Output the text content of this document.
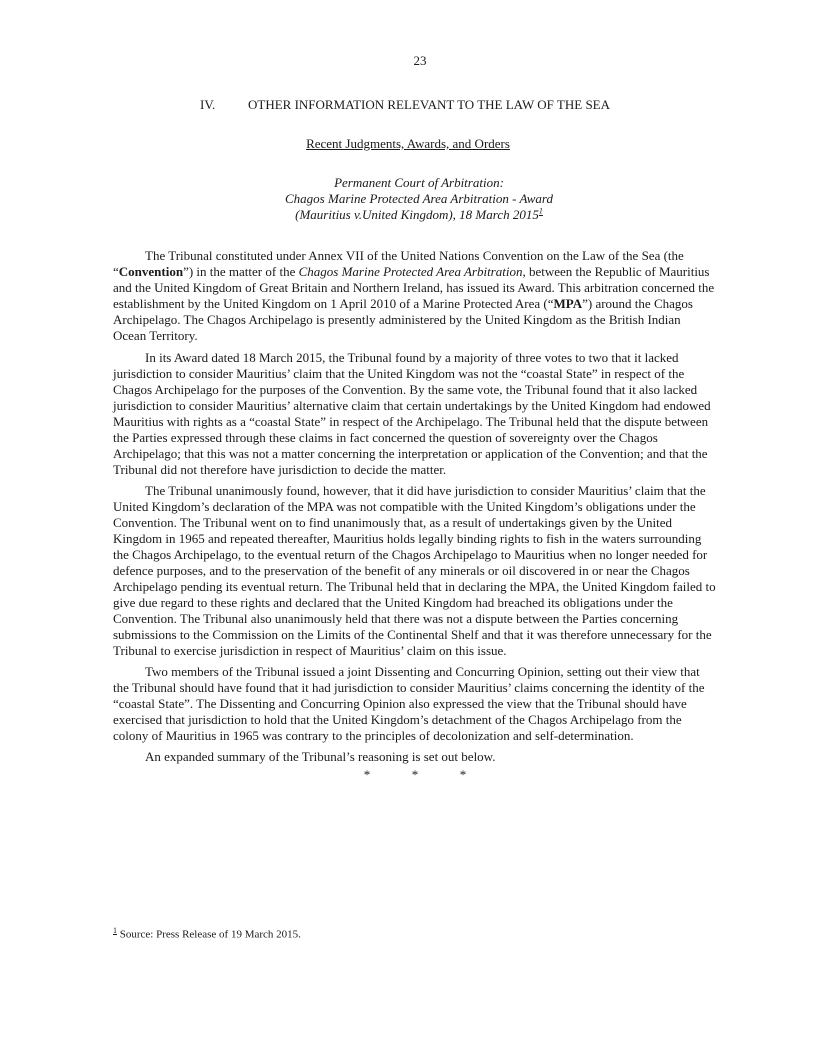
23
IV.	OTHER INFORMATION RELEVANT TO THE LAW OF THE SEA
Recent Judgments, Awards, and Orders
Permanent Court of Arbitration:
Chagos Marine Protected Area Arbitration - Award
(Mauritius v.United Kingdom), 18 March 2015$^1$

The Tribunal constituted under Annex VII of the United Nations Convention on the Law of the Sea (the “Convention”) in the matter of the Chagos Marine Protected Area Arbitration, between the Republic of Mauritius and the United Kingdom of Great Britain and Northern Ireland, has issued its Award. This arbitration concerned the establishment by the United Kingdom on 1 April 2010 of a Marine Protected Area (“MPA”) around the Chagos Archipelago. The Chagos Archipelago is presently administered by the United Kingdom as the British Indian Ocean Territory.

In its Award dated 18 March 2015, the Tribunal found by a majority of three votes to two that it lacked jurisdiction to consider Mauritius’ claim that the United Kingdom was not the “coastal State” in respect of the Chagos Archipelago for the purposes of the Convention. By the same vote, the Tribunal found that it also lacked jurisdiction to consider Mauritius’ alternative claim that certain undertakings by the United Kingdom had endowed Mauritius with rights as a “coastal State” in respect of the Archipelago. The Tribunal held that the dispute between the Parties expressed through these claims in fact concerned the question of sovereignty over the Chagos Archipelago; that this was not a matter concerning the interpretation or application of the Convention; and that the Tribunal did not therefore have jurisdiction to decide the matter.

The Tribunal unanimously found, however, that it did have jurisdiction to consider Mauritius’ claim that the United Kingdom’s declaration of the MPA was not compatible with the United Kingdom’s obligations under the Convention. The Tribunal went on to find unanimously that, as a result of undertakings given by the United Kingdom in 1965 and repeated thereafter, Mauritius holds legally binding rights to fish in the waters surrounding the Chagos Archipelago, to the eventual return of the Chagos Archipelago to Mauritius when no longer needed for defence purposes, and to the preservation of the benefit of any minerals or oil discovered in or near the Chagos Archipelago pending its eventual return. The Tribunal held that in declaring the MPA, the United Kingdom failed to give due regard to these rights and declared that the United Kingdom had breached its obligations under the Convention. The Tribunal also unanimously held that there was not a dispute between the Parties concerning submissions to the Commission on the Limits of the Continental Shelf and that it was therefore unnecessary for the Tribunal to exercise jurisdiction in respect of Mauritius’ claim on this issue.

Two members of the Tribunal issued a joint Dissenting and Concurring Opinion, setting out their view that the Tribunal should have found that it had jurisdiction to consider Mauritius’ claims concerning the identity of the “coastal State”. The Dissenting and Concurring Opinion also expressed the view that the Tribunal should have exercised that jurisdiction to hold that the United Kingdom’s detachment of the Chagos Archipelago from the colony of Mauritius in 1965 was contrary to the principles of decolonization and self-determination.

An expanded summary of the Tribunal’s reasoning is set out below.

*	*	*
$^1$ Source: Press Release of 19 March 2015.
